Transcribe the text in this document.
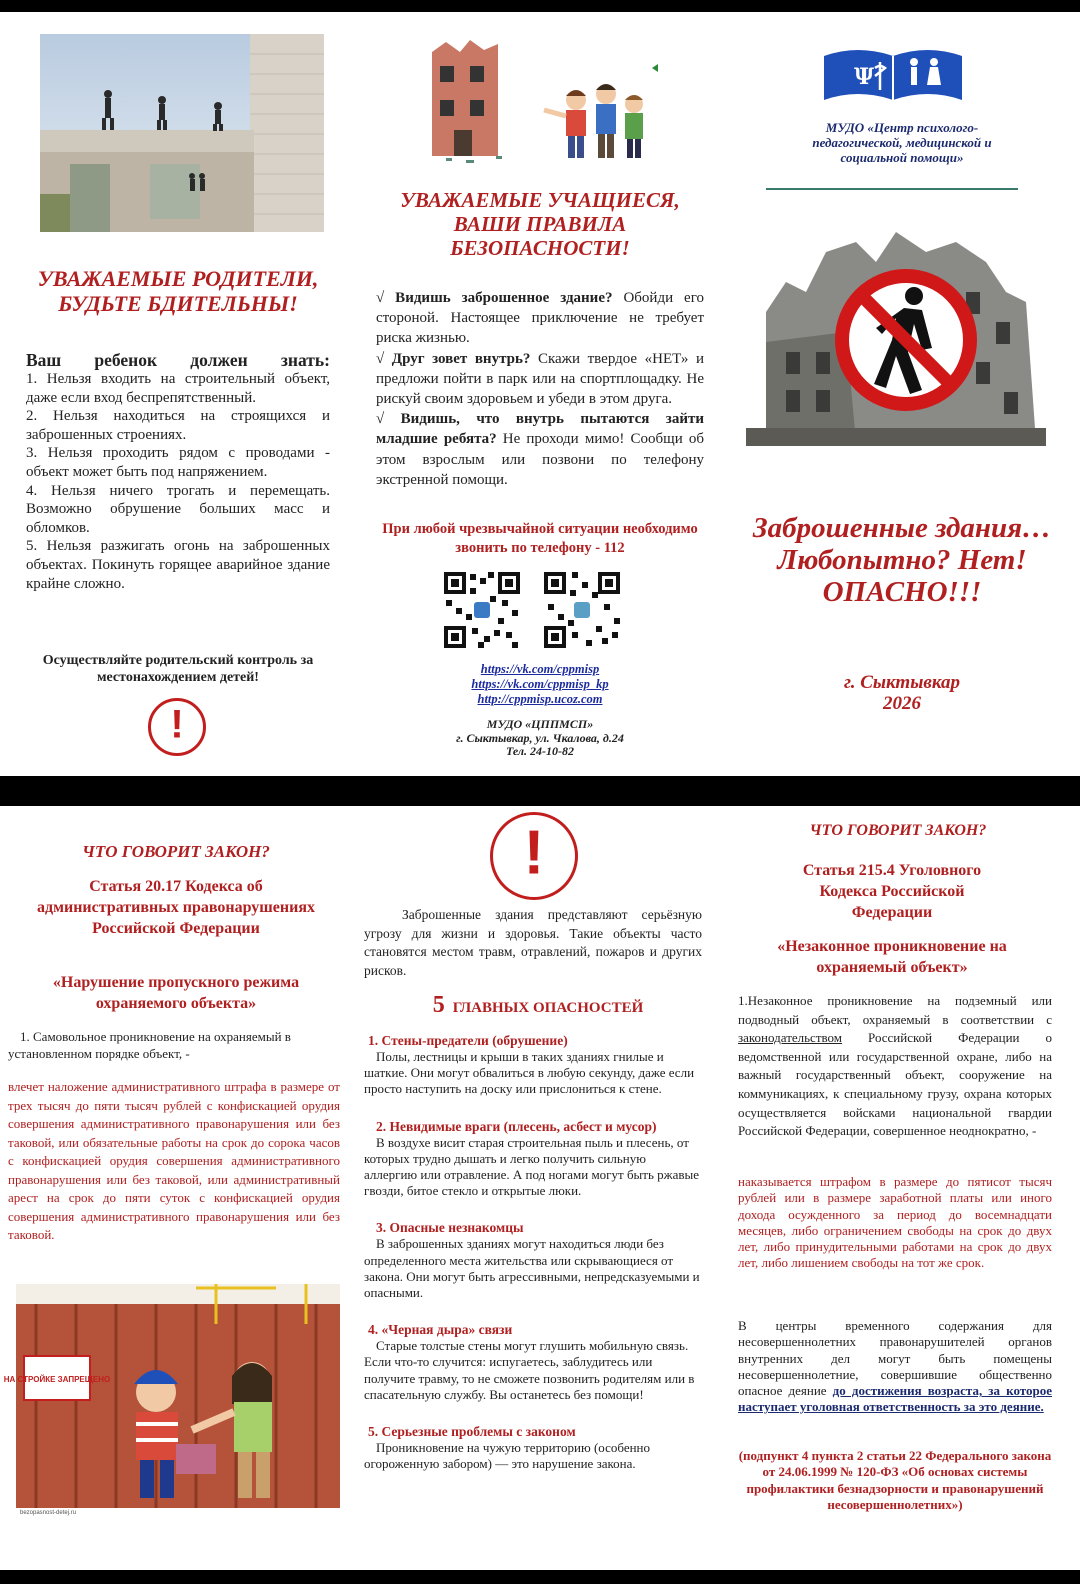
УВАЖАЕМЫЕ РОДИТЕЛИ, БУДЬТЕ БДИТЕЛЬНЫ!
Ваш ребенок должен знать:

1. Нельзя входить на строительный объект, даже если вход беспрепятственный.

2. Нельзя находиться на строящихся и заброшенных строениях.

3. Нельзя проходить рядом с проводами - объект может быть под напряжением.

4. Нельзя ничего трогать и перемещать. Возможно обрушение больших масс и обломков.

5. Нельзя разжигать огонь на заброшенных объектах. Покинуть горящее аварийное здание крайне сложно.

Осуществляйте родительский контроль за местонахождением детей!
!
УВАЖАЕМЫЕ УЧАЩИЕСЯ, ВАШИ ПРАВИЛА БЕЗОПАСНОСТИ!

√ Видишь заброшенное здание? Обойди его стороной. Настоящее приключение не требует риска жизнью.

√ Друг зовет внутрь? Скажи твердое «НЕТ» и предложи пойти в парк или на спортплощадку. Не рискуй своим здоровьем и убеди в этом друга.

√ Видишь, что внутрь пытаются зайти младшие ребята? Не проходи мимо! Сообщи об этом взрослым или позвони по телефону экстренной помощи.

При любой чрезвычайной ситуации необходимо звонить по телефону - 112
https://vk.com/cppmisp
https://vk.com/cppmisp_kp
http://cppmisp.ucoz.com
МУДО «ЦППМСП»
г. Сыктывкар, ул. Чкалова, д.24
Тел. 24-10-82
Ψ
МУДО «Центр психолого-педагогической, медицинской и социальной помощи»
Заброшенные здания… Любопытно? Нет! ОПАСНО!!!
г. Сыктывкар
2026
ЧТО ГОВОРИТ ЗАКОН?
Статья 20.17 Кодекса об административных правонарушениях Российской Федерации
«Нарушение пропускного режима охраняемого объекта»
1. Самовольное проникновение на охраняемый в установленном порядке объект, -
влечет наложение административного штрафа в размере от трех тысяч до пяти тысяч рублей с конфискацией орудия совершения административного правонарушения или без таковой, или обязательные работы на срок до сорока часов с конфискацией орудия совершения административного правонарушения или без таковой, или административный арест на срок до пяти суток с конфискацией орудия совершения административного правонарушения или без таковой.
НА СТРОЙКЕ ЗАПРЕЩЕНО
bezopasnost-detej.ru
!
Заброшенные здания представляют серьёзную угрозу для жизни и здоровья. Такие объекты часто становятся местом травм, отравлений, пожаров и других рисков.
5 ГЛАВНЫХ ОПАСНОСТЕЙ
1. Стены-предатели (обрушение)
Полы, лестницы и крыши в таких зданиях гнилые и шаткие. Они могут обвалиться в любую секунду, даже если просто наступить на доску или прислониться к стене.
2. Невидимые враги (плесень, асбест и мусор)
В воздухе висит старая строительная пыль и плесень, от которых трудно дышать и легко получить сильную аллергию или отравление. А под ногами могут быть ржавые гвозди, битое стекло и открытые люки.
3. Опасные незнакомцы
В заброшенных зданиях могут находиться люди без определенного места жительства или скрывающиеся от закона. Они могут быть агрессивными, непредсказуемыми и опасными.
4. «Черная дыра» связи
Старые толстые стены могут глушить мобильную связь. Если что-то случится: испугаетесь, заблудитесь или получите травму, то не сможете позвонить родителям или в спасательную службу. Вы останетесь без помощи!
5. Серьезные проблемы с законом
Проникновение на чужую территорию (особенно огороженную забором) — это нарушение закона.
ЧТО ГОВОРИТ ЗАКОН?
Статья 215.4 Уголовного Кодекса Российской Федерации
«Незаконное проникновение на охраняемый объект»
1.Незаконное проникновение на подземный или подводный объект, охраняемый в соответствии с законодательством Российской Федерации о ведомственной или государственной охране, либо на важный государственный объект, сооружение на коммуникациях, к специальному грузу, охрана которых осуществляется войсками национальной гвардии Российской Федерации, совершенное неоднократно, -
наказывается штрафом в размере до пятисот тысяч рублей или в размере заработной платы или иного дохода осужденного за период до восемнадцати месяцев, либо ограничением свободы на срок до двух лет, либо принудительными работами на срок до двух лет, либо лишением свободы на тот же срок.
В центры временного содержания для несовершеннолетних правонарушителей органов внутренних дел могут быть помещены несовершеннолетние, совершившие общественно опасное деяние до достижения возраста, за которое наступает уголовная ответственность за это деяние.
(подпункт 4 пункта 2 статьи 22 Федерального закона от 24.06.1999 № 120-ФЗ «Об основах системы профилактики безнадзорности и правонарушений несовершеннолетних»)
